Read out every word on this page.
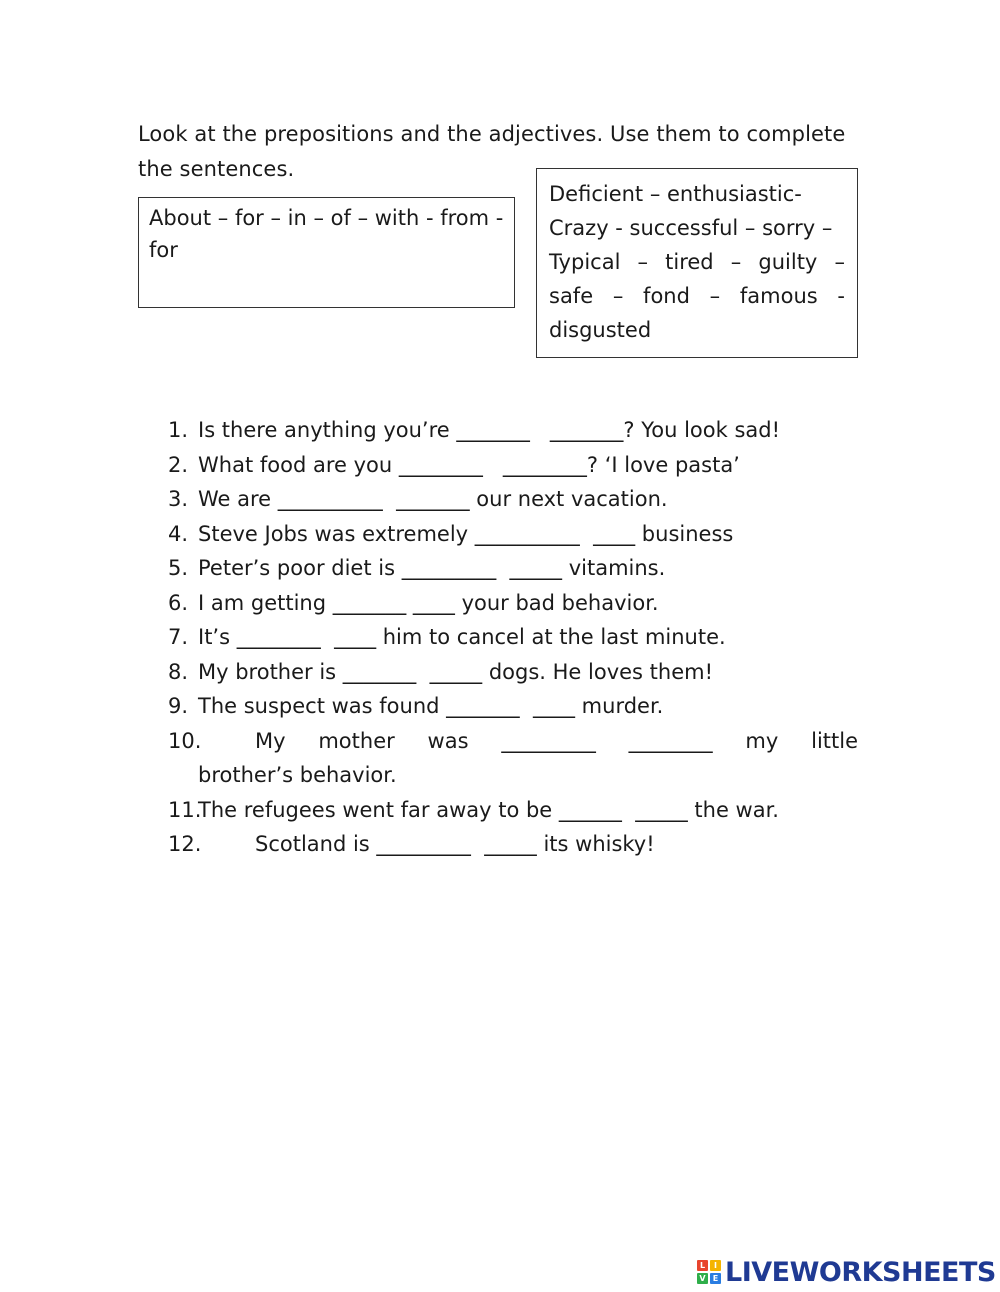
Look at the prepositions and the adjectives. Use them to complete the sentences.
About – for – in – of – with - from - for
Deficient – enthusiastic-
Crazy - successful – sorry –
Typical – tired – guilty –
safe – fond – famous -
disgusted
1. Is there anything you’re _______   _______? You look sad!
2. What food are you ________   ________? ‘I love pasta’
3. We are __________  _______ our next vacation.
4. Steve Jobs was extremely __________  ____ business
5. Peter’s poor diet is _________  _____ vitamins.
6. I am getting _______ ____ your bad behavior.
7. It’s ________  ____ him to cancel at the last minute.
8. My brother is _______  _____ dogs. He loves them!
9. The suspect was found _______  ____ murder.
10.	My mother was _________ ________ my little
brother’s behavior.
11.
The refugees went far away to be ______  _____ the war.
12.	Scotland is _________  _____ its whisky!
L	I
V E LIVEWORKSHEETS
